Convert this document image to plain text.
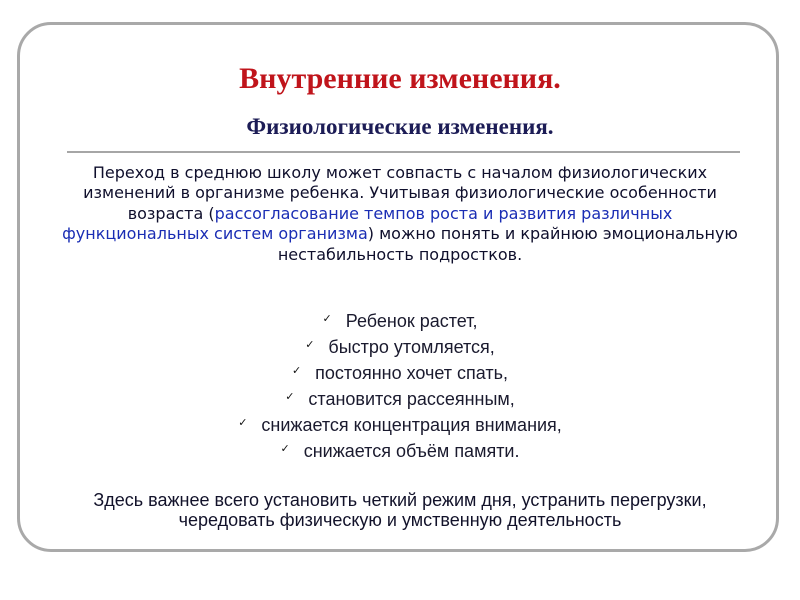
Внутренние изменения.
Физиологические изменения.

Переход в среднюю школу может совпасть с началом физиологических изменений в организме ребенка. Учитывая физиологические особенности возраста (рассогласование темпов роста и развития различных функциональных систем организма) можно понять и крайнюю эмоциональную нестабильность подростков.

✓ Ребенок растет,
✓ быстро утомляется,
✓ постоянно хочет спать,
✓ становится рассеянным,
✓ снижается концентрация внимания,
✓ снижается объём памяти.

Здесь важнее всего установить четкий режим дня, устранить перегрузки, чередовать физическую и умственную деятельность
